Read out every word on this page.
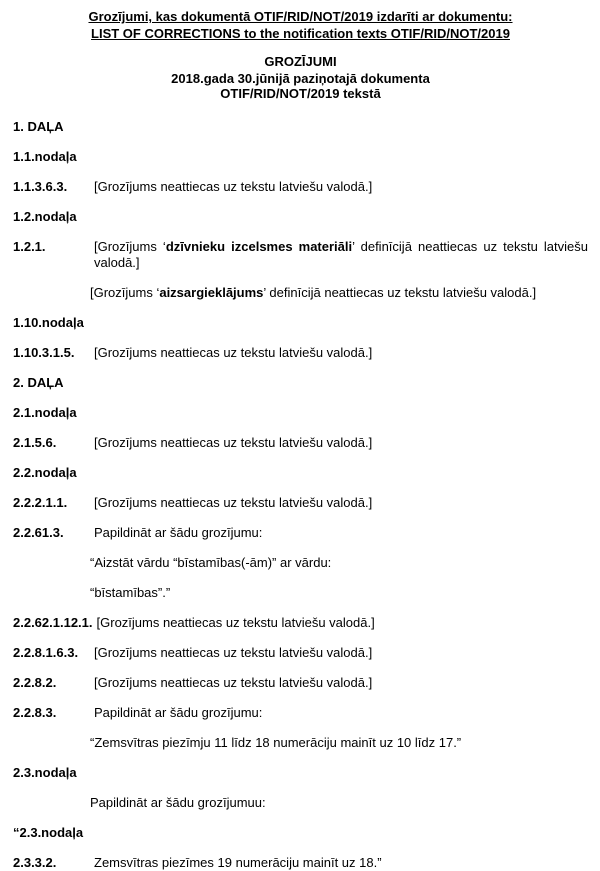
Grozījumi, kas dokumentā OTIF/RID/NOT/2019 izdarīti ar dokumentu:
LIST OF CORRECTIONS to the notification texts OTIF/RID/NOT/2019
GROZĪJUMI
2018.gada 30.jūnijā paziņotajā dokumenta
OTIF/RID/NOT/2019 tekstā
1. DAĻA
1.1.nodaļa
1.1.3.6.3.	[Grozījums neattiecas uz tekstu latviešu valodā.]
1.2.nodaļa
1.2.1.	[Grozījums ‘dzīvnieku izcelsmes materiāli’ definīcijā neattiecas uz tekstu latviešu valodā.]
[Grozījums ‘aizsargieklājums’ definīcijā neattiecas uz tekstu latviešu valodā.]
1.10.nodaļa
1.10.3.1.5.	[Grozījums neattiecas uz tekstu latviešu valodā.]
2. DAĻA
2.1.nodaļa
2.1.5.6.	[Grozījums neattiecas uz tekstu latviešu valodā.]
2.2.nodaļa
2.2.2.1.1.	[Grozījums neattiecas uz tekstu latviešu valodā.]
2.2.61.3.	Papildināt ar šādu grozījumu:
“Aizstāt vārdu “bīstamības(-ām)” ar vārdu:
“bīstamības”.”
2.2.62.1.12.1. [Grozījums neattiecas uz tekstu latviešu valodā.]
2.2.8.1.6.3.	[Grozījums neattiecas uz tekstu latviešu valodā.]
2.2.8.2.	[Grozījums neattiecas uz tekstu latviešu valodā.]
2.2.8.3.	Papildināt ar šādu grozījumu:
“Zemsvītras piezīmju 11 līdz 18 numerāciju mainīt uz 10 līdz 17.”
2.3.nodaļa
Papildināt ar šādu grozījumuu:
“2.3.nodaļa
2.3.3.2.	Zemsvītras piezīmes 19 numerāciju mainīt uz 18.”
